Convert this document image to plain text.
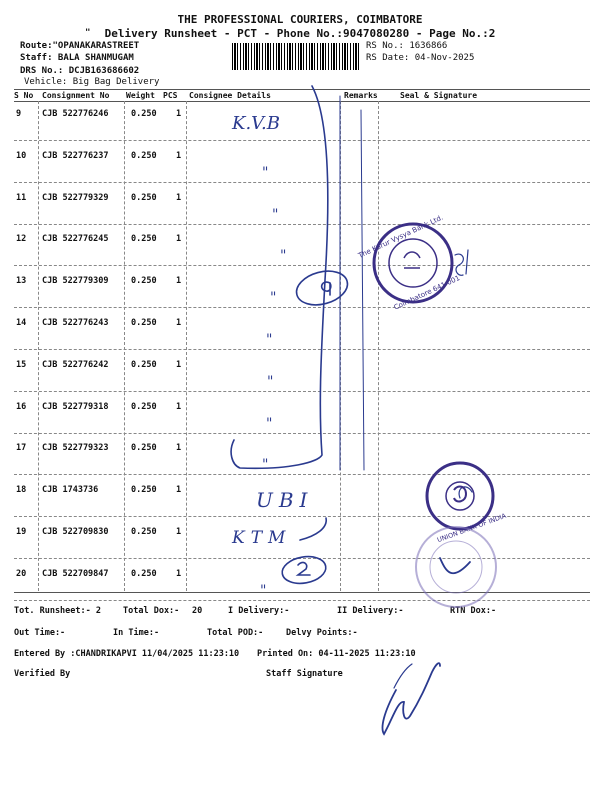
THE PROFESSIONAL COURIERS, COIMBATORE
"	Delivery Runsheet - PCT - Phone No.:9047080280 - Page No.:2
Route:"OPANAKARASTREET
Staff: BALA SHANMUGAM
DRS No.: DCJB163686602
Vehicle: Big Bag Delivery
RS No.: 1636866
RS Date: 04-Nov-2025
S No Consignment No Weight PCS Consignee Details	Remarks	Seal & Signature
9 CJB 522776246	0.250 1
10 CJB 522776237	0.250 1
"
11 CJB 522779329	0.250 1
"
12 CJB 522776245	0.250 1
"
13 CJB 522779309	0.250 1
"
14 CJB 522776243	0.250 1
"
15 CJB 522776242	0.250 1
"
16 CJB 522779318	0.250 1
"
17 CJB 522779323	0.250 1
"
18 CJB 1743736	0.250 1
19 CJB 522709830	0.250 1
20 CJB 522709847	0.250 1
"
Tot. Runsheet:- 2	Total Dox:- 20	I Delivery:-	II Delivery:-	RTN Dox:-
Out Time:-	In Time:-	Total POD:-	Delvy Points:-
Entered By :CHANDRIKAPVI 11/04/2025 11:23:10 Printed On: 04-11-2025 11:23:10
Verified By	Staff Signature
The Karur Vysya Bank Ltd.
Coimbatore 641 001
UNION BANK OF INDIA
K.V.B
UBI
KTM
